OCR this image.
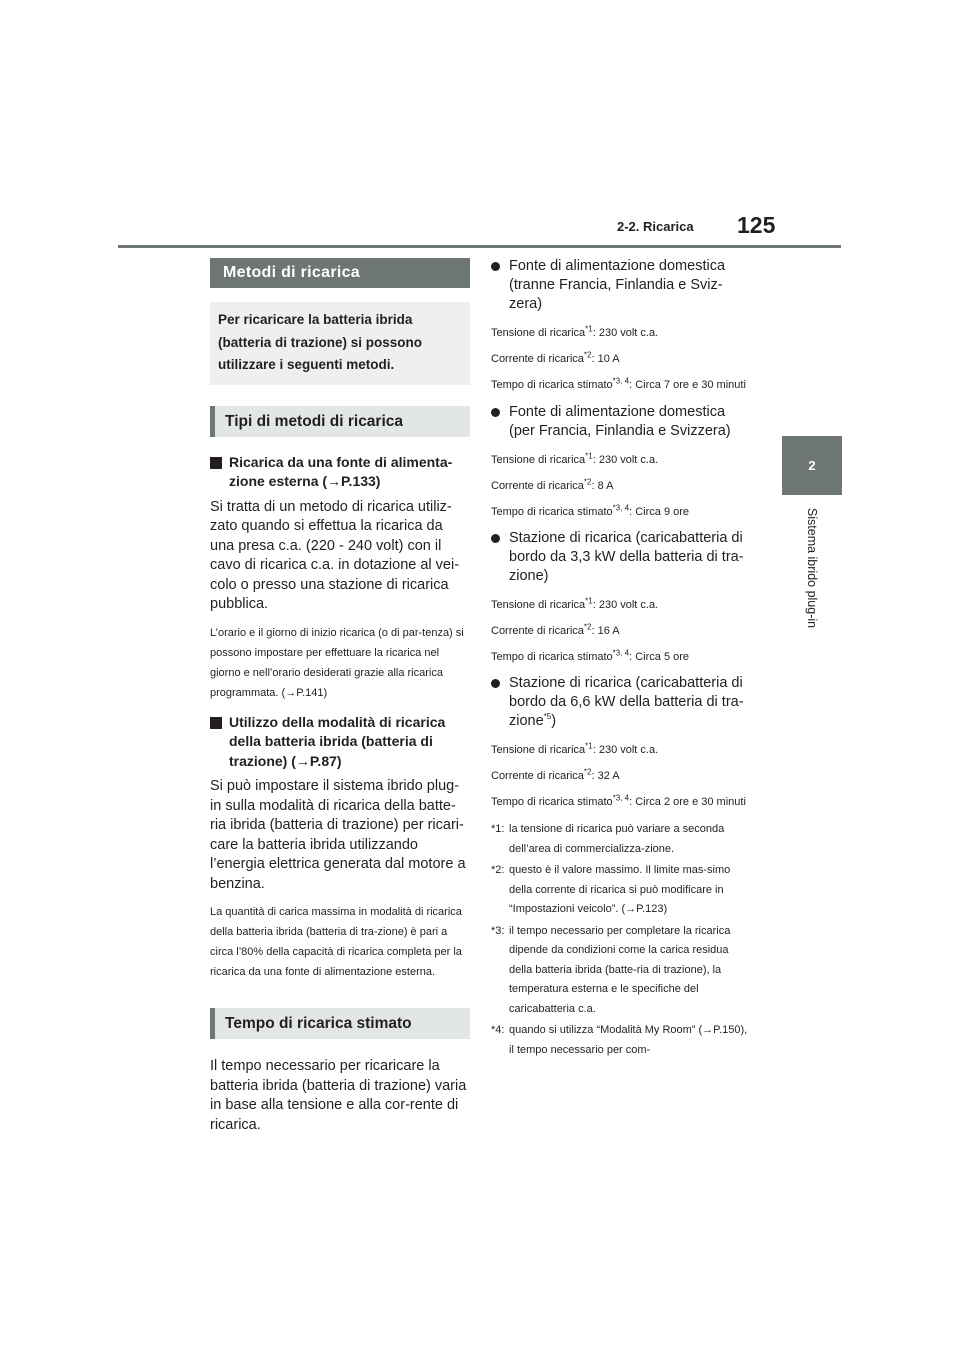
2-2. Ricarica 125
2
Sistema ibrido plug-in
Metodi di ricarica
Per ricaricare la batteria ibrida (batteria di trazione) si possono utilizzare i seguenti metodi.
Tipi di metodi di ricarica
Ricarica da una fonte di alimenta-zione esterna (→P.133)
Si tratta di un metodo di ricarica utiliz-zato quando si effettua la ricarica da una presa c.a. (220 - 240 volt) con il cavo di ricarica c.a. in dotazione al vei-colo o presso una stazione di ricarica pubblica.
L’orario e il giorno di inizio ricarica (o di par-tenza) si possono impostare per effettuare la ricarica nel giorno e nell’orario desiderati grazie alla ricarica programmata. (→P.141)
Utilizzo della modalità di ricarica della batteria ibrida (batteria di trazione) (→P.87)
Si può impostare il sistema ibrido plug-in sulla modalità di ricarica della batte-ria ibrida (batteria di trazione) per ricari-care la batteria ibrida utilizzando l’energia elettrica generata dal motore a benzina.
La quantità di carica massima in modalità di ricarica della batteria ibrida (batteria di tra-zione) è pari a circa l’80% della capacità di ricarica completa per la ricarica da una fonte di alimentazione esterna.
Tempo di ricarica stimato
Il tempo necessario per ricaricare la batteria ibrida (batteria di trazione) varia in base alla tensione e alla cor-rente di ricarica.
Fonte di alimentazione domestica (tranne Francia, Finlandia e Sviz-zera)
Tensione di ricarica$^{*1}$: 230 volt c.a.
Corrente di ricarica$^{*2}$: 10 A
Tempo di ricarica stimato$^{*3, 4}$: Circa 7 ore e 30 minuti
Fonte di alimentazione domestica (per Francia, Finlandia e Svizzera)
Tensione di ricarica$^{*1}$: 230 volt c.a.
Corrente di ricarica$^{*2}$: 8 A
Tempo di ricarica stimato$^{*3, 4}$: Circa 9 ore
Stazione di ricarica (caricabatteria di bordo da 3,3 kW della batteria di tra-zione)
Tensione di ricarica$^{*1}$: 230 volt c.a.
Corrente di ricarica$^{*2}$: 16 A
Tempo di ricarica stimato$^{*3, 4}$: Circa 5 ore
Stazione di ricarica (caricabatteria di bordo da 6,6 kW della batteria di tra-zione$^{*5}$)
Tensione di ricarica$^{*1}$: 230 volt c.a.
Corrente di ricarica$^{*2}$: 32 A
Tempo di ricarica stimato$^{*3, 4}$: Circa 2 ore e 30 minuti
*1: la tensione di ricarica può variare a seconda dell’area di commercializza-zione.
*2: questo è il valore massimo. Il limite mas-simo della corrente di ricarica si può modificare in “Impostazioni veicolo”. (→P.123)
*3: il tempo necessario per completare la ricarica dipende da condizioni come la carica residua della batteria ibrida (batte-ria di trazione), la temperatura esterna e le specifiche del caricabatteria c.a.
*4: quando si utilizza “Modalità My Room” (→P.150), il tempo necessario per com-
